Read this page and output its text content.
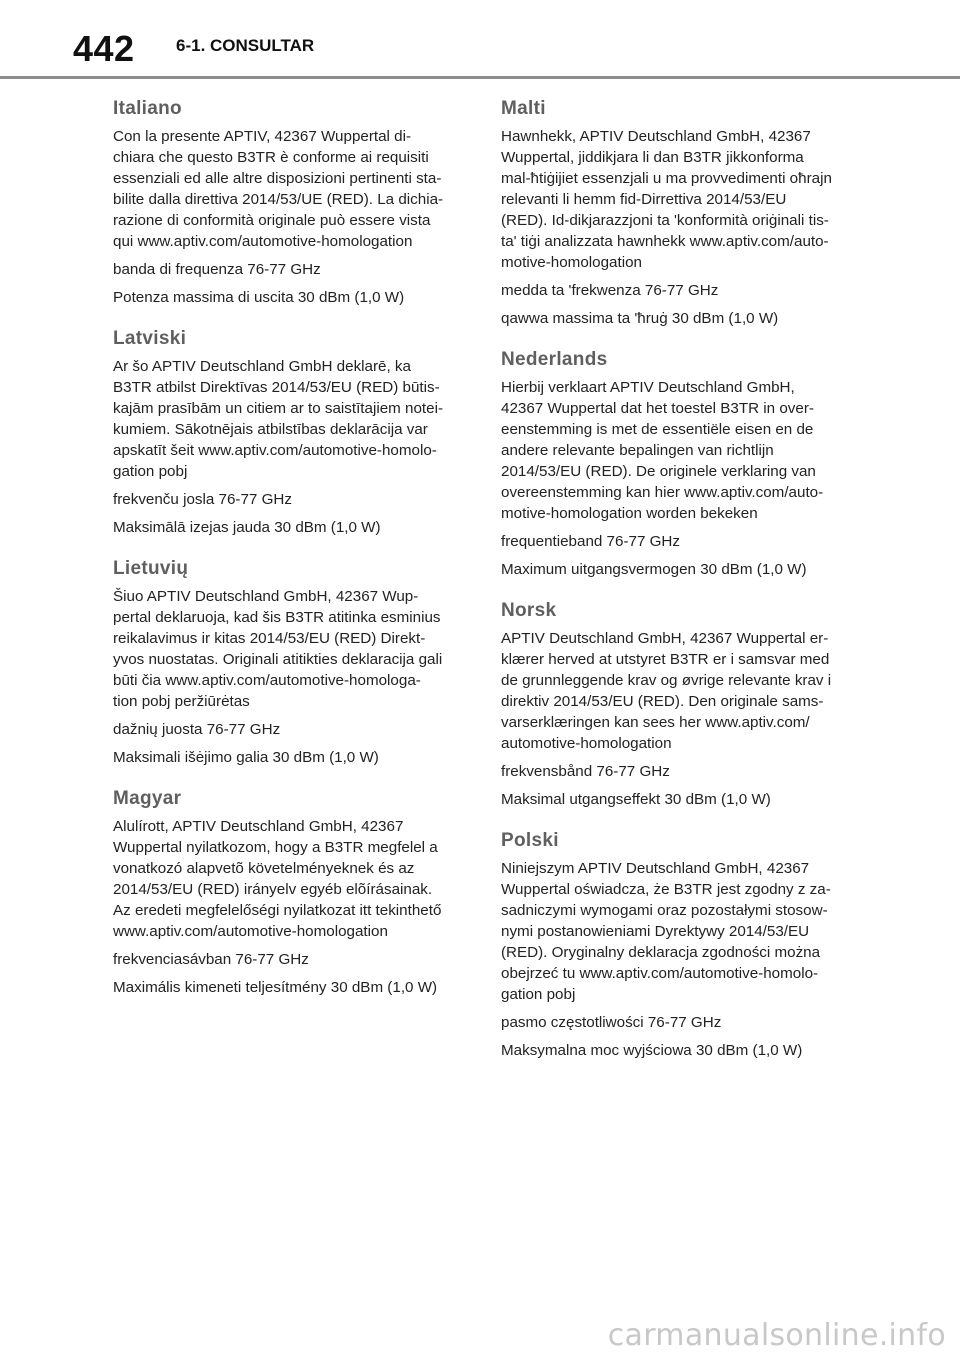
442 6-1. CONSULTAR
Italiano

Con la presente APTIV, 42367 Wuppertal di-
chiara che questo B3TR è conforme ai requisiti
essenziali ed alle altre disposizioni pertinenti sta-
bilite dalla direttiva 2014/53/UE (RED). La dichia-
razione di conformità originale può essere vista
qui www.aptiv.com/automotive-homologation

banda di frequenza 76-77 GHz

Potenza massima di uscita 30 dBm (1,0 W)

Latviski

Ar šo APTIV Deutschland GmbH deklarē, ka
B3TR atbilst Direktīvas 2014/53/EU (RED) būtis-
kajām prasībām un citiem ar to saistītajiem notei-
kumiem. Sākotnējais atbilstības deklarācija var
apskatīt šeit www.aptiv.com/automotive-homolo-
gation pobj

frekvenču josla 76-77 GHz

Maksimālā izejas jauda 30 dBm (1,0 W)

Lietuvių

Šiuo APTIV Deutschland GmbH, 42367 Wup-
pertal deklaruoja, kad šis B3TR atitinka esminius
reikalavimus ir kitas 2014/53/EU (RED) Direkt-
yvos nuostatas. Originali atitikties deklaracija gali
būti čia www.aptiv.com/automotive-homologa-
tion pobj peržiūrėtas

dažnių juosta 76-77 GHz

Maksimali išėjimo galia 30 dBm (1,0 W)

Magyar

Alulírott, APTIV Deutschland GmbH, 42367
Wuppertal nyilatkozom, hogy a B3TR megfelel a
vonatkozó alapvetõ követelményeknek és az
2014/53/EU (RED) irányelv egyéb elõírásainak.
Az eredeti megfelelőségi nyilatkozat itt tekinthető
www.aptiv.com/automotive-homologation

frekvenciasávban 76-77 GHz

Maximális kimeneti teljesítmény 30 dBm (1,0 W)

Malti

Hawnhekk, APTIV Deutschland GmbH, 42367
Wuppertal, jiddikjara li dan B3TR jikkonforma
mal-ħtiġijiet essenzjali u ma provvedimenti oħrajn
relevanti li hemm fid-Dirrettiva 2014/53/EU
(RED). Id-dikjarazzjoni ta 'konformità oriġinali tis-
ta' tiġi analizzata hawnhekk www.aptiv.com/auto-
motive-homologation

medda ta 'frekwenza 76-77 GHz

qawwa massima ta 'ħruġ 30 dBm (1,0 W)

Nederlands

Hierbij verklaart APTIV Deutschland GmbH,
42367 Wuppertal dat het toestel B3TR in over-
eenstemming is met de essentiële eisen en de
andere relevante bepalingen van richtlijn
2014/53/EU (RED). De originele verklaring van
overeenstemming kan hier www.aptiv.com/auto-
motive-homologation worden bekeken

frequentieband 76-77 GHz

Maximum uitgangsvermogen 30 dBm (1,0 W)

Norsk

APTIV Deutschland GmbH, 42367 Wuppertal er-
klærer herved at utstyret B3TR er i samsvar med
de grunnleggende krav og øvrige relevante krav i
direktiv 2014/53/EU (RED). Den originale sams-
varserklæringen kan sees her www.aptiv.com/
automotive-homologation

frekvensbånd 76-77 GHz

Maksimal utgangseffekt 30 dBm (1,0 W)

Polski

Niniejszym APTIV Deutschland GmbH, 42367
Wuppertal oświadcza, że B3TR jest zgodny z za-
sadniczymi wymogami oraz pozostałymi stosow-
nymi postanowieniami Dyrektywy 2014/53/EU
(RED). Oryginalny deklaracja zgodności można
obejrzeć tu www.aptiv.com/automotive-homolo-
gation pobj

pasmo częstotliwości 76-77 GHz

Maksymalna moc wyjściowa 30 dBm (1,0 W)

carmanualsonline.info
